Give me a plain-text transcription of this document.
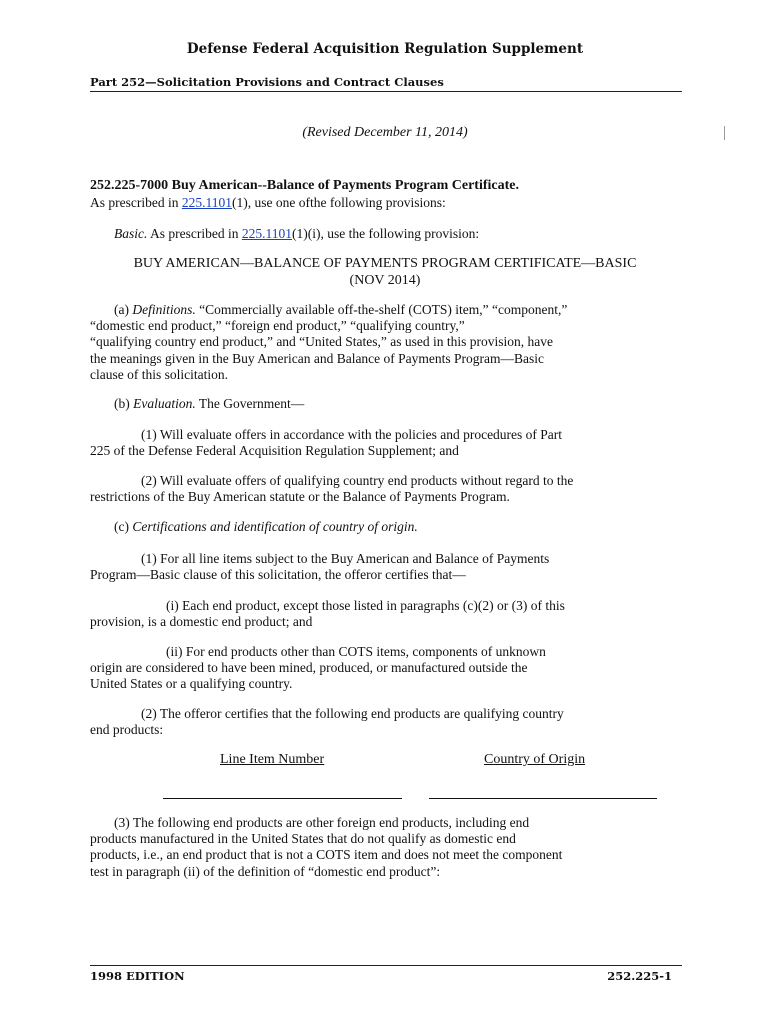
Defense Federal Acquisition Regulation Supplement
Part 252—Solicitation Provisions and Contract Clauses
(Revised December 11, 2014)
252.225-7000 Buy American--Balance of Payments Program Certificate.
As prescribed in 225.1101(1), use one ofthe following provisions:
Basic. As prescribed in 225.1101(1)(i), use the following provision:
BUY AMERICAN—BALANCE OF PAYMENTS PROGRAM CERTIFICATE—BASIC
(NOV 2014)
(a) Definitions. “Commercially available off-the-shelf (COTS) item,” “component,”
“domestic end product,” “foreign end product,” “qualifying country,”
“qualifying country end product,” and “United States,” as used in this provision, have
the meanings given in the Buy American and Balance of Payments Program—Basic
clause of this solicitation.
(b) Evaluation. The Government—
(1) Will evaluate offers in accordance with the policies and procedures of Part
225 of the Defense Federal Acquisition Regulation Supplement; and
(2) Will evaluate offers of qualifying country end products without regard to the
restrictions of the Buy American statute or the Balance of Payments Program.
(c) Certifications and identification of country of origin.
(1) For all line items subject to the Buy American and Balance of Payments
Program—Basic clause of this solicitation, the offeror certifies that—
(i) Each end product, except those listed in paragraphs (c)(2) or (3) of this
provision, is a domestic end product; and
(ii) For end products other than COTS items, components of unknown
origin are considered to have been mined, produced, or manufactured outside the
United States or a qualifying country.
(2) The offeror certifies that the following end products are qualifying country
end products:
Line Item Number	Country of Origin
(3) The following end products are other foreign end products, including end
products manufactured in the United States that do not qualify as domestic end
products, i.e., an end product that is not a COTS item and does not meet the component
test in paragraph (ii) of the definition of “domestic end product”:
1998 EDITION	252.225-1
